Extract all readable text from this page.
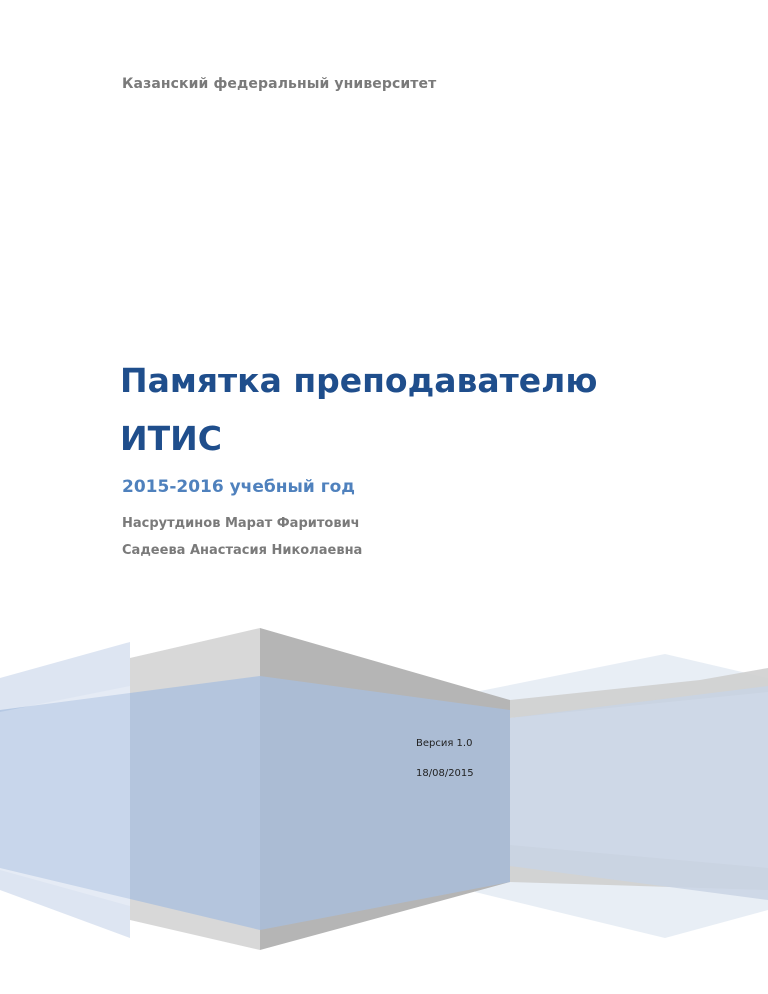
Казанский федеральный университет
Памятка преподавателю
ИТИС
2015-2016 учебный год
Насрутдинов Марат Фаритович
Садеева Анастасия Николаевна
Версия 1.0
18/08/2015
